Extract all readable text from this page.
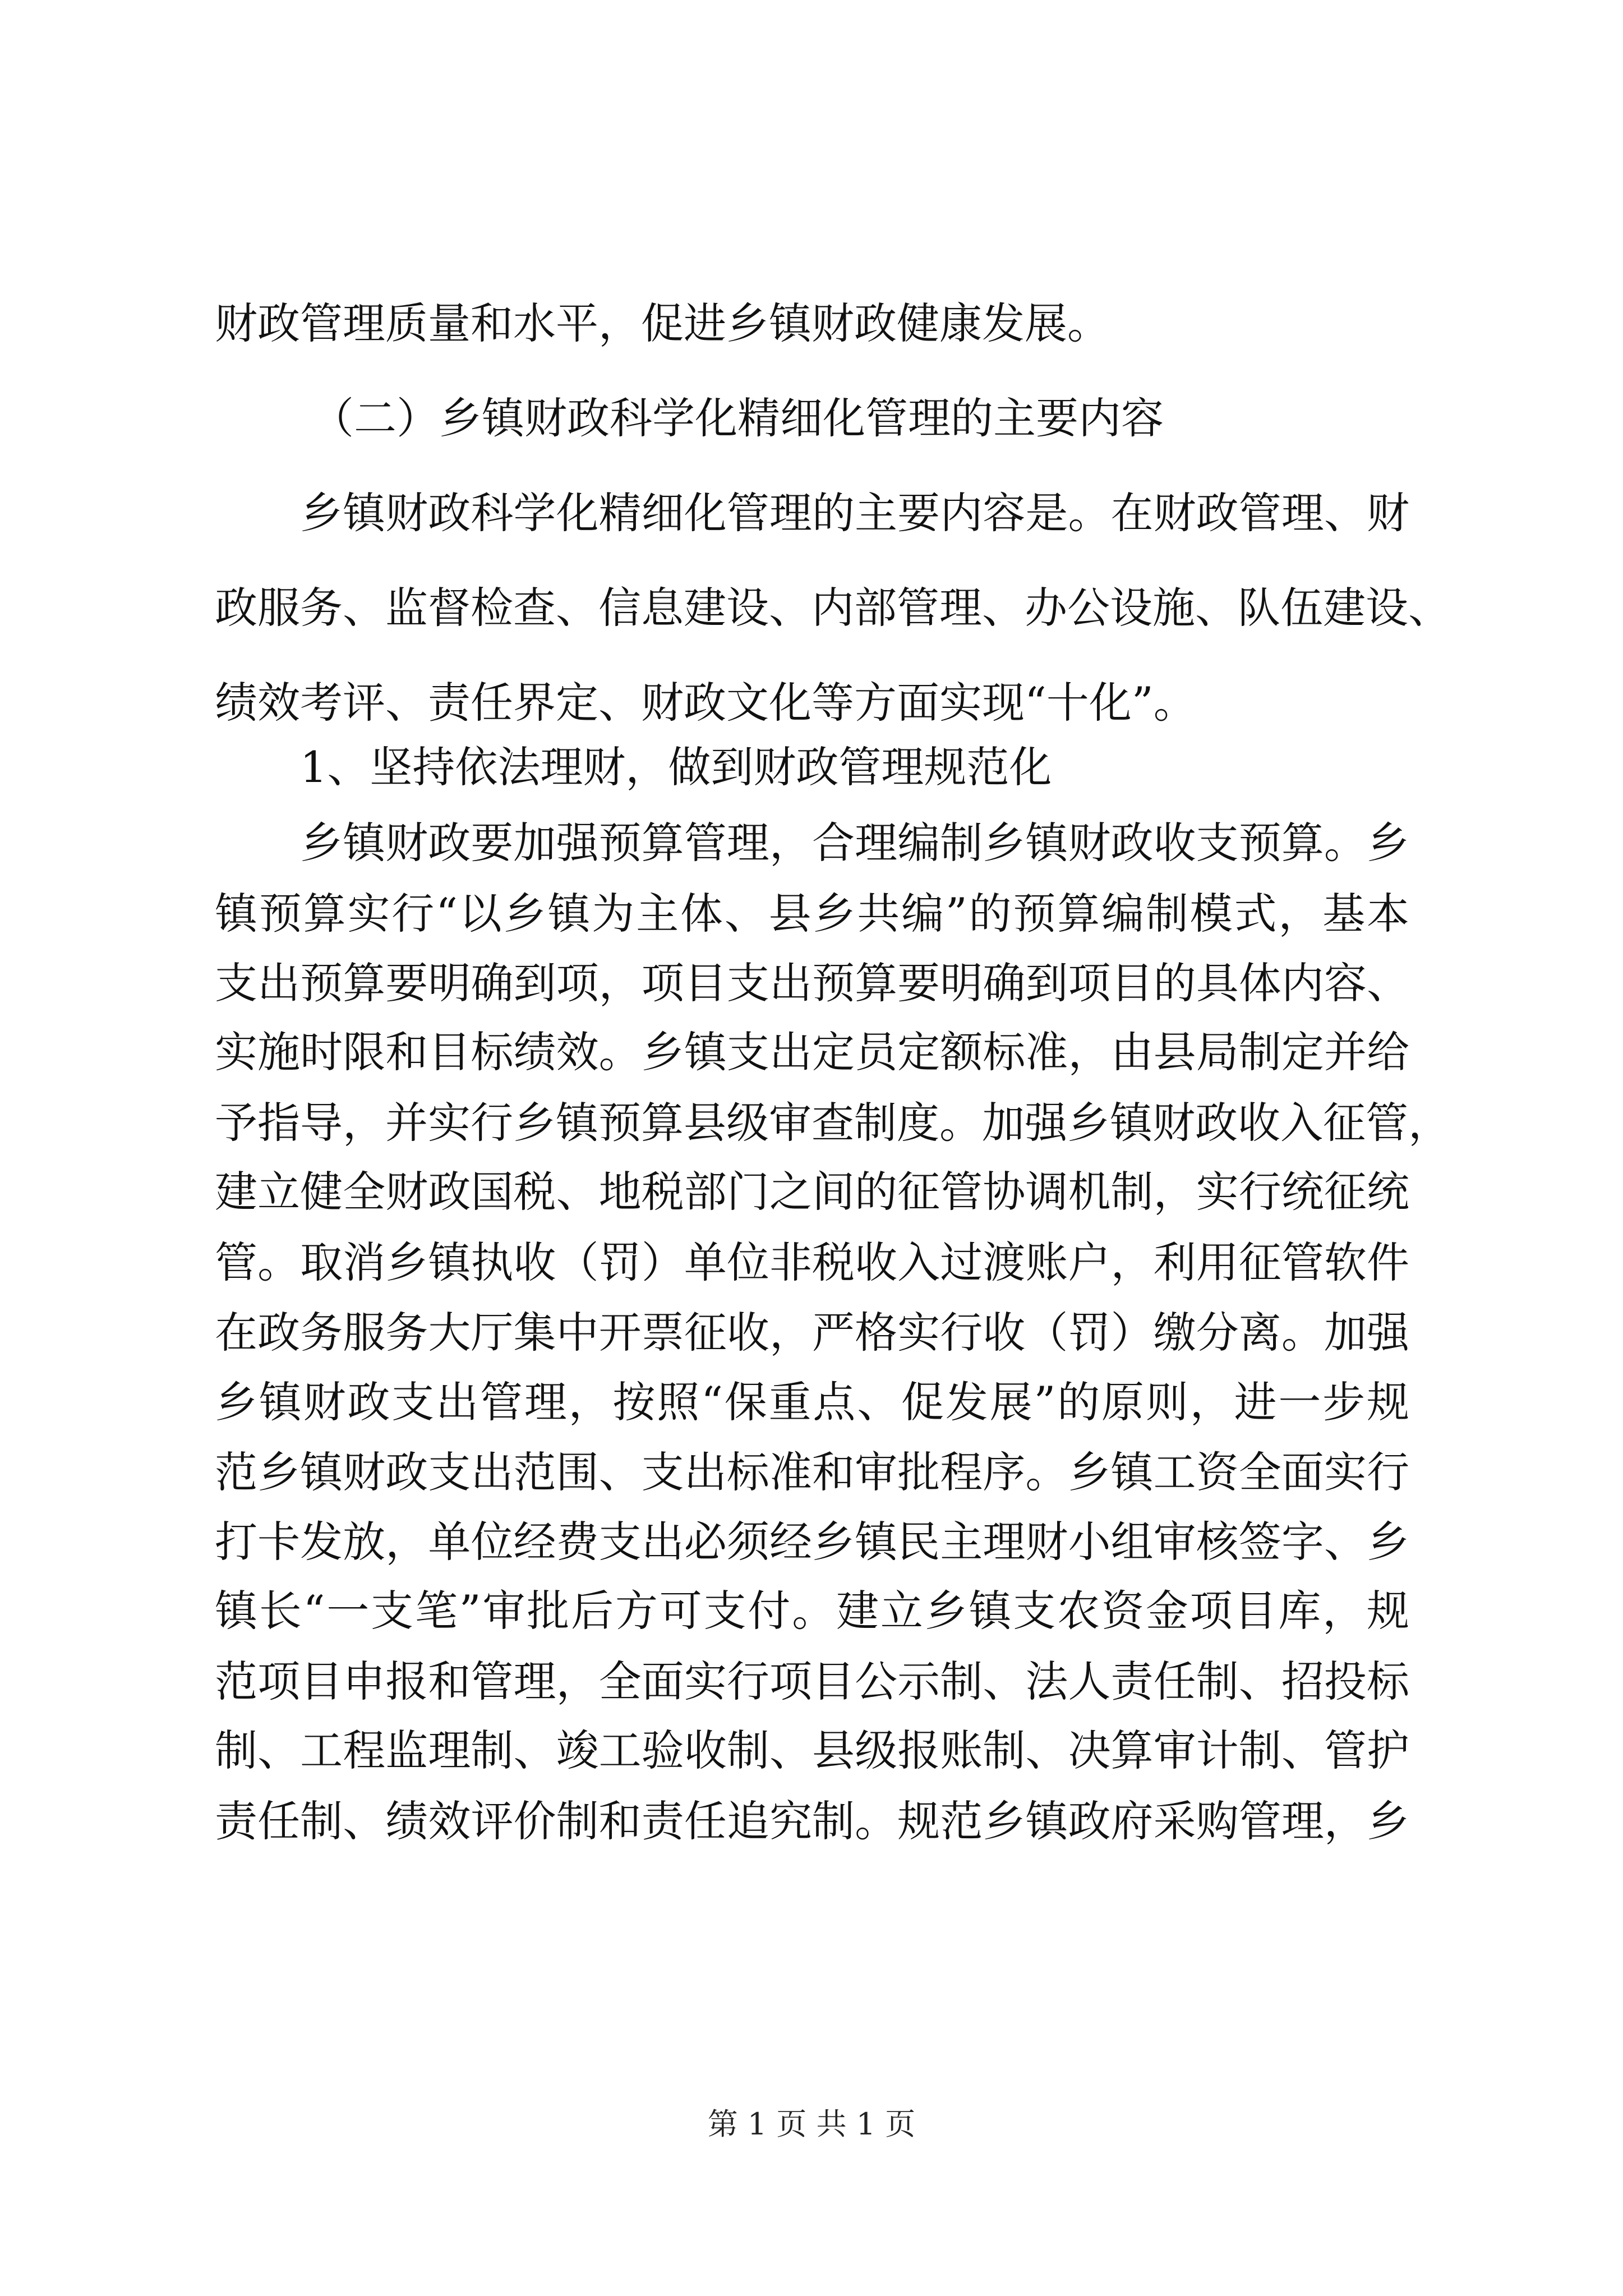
财政管理质量和水平，促进乡镇财政健康发展。
（二）乡镇财政科学化精细化管理的主要内容
乡镇财政科学化精细化管理的主要内容是。在财政管理、财
政服务、监督检查、信息建设、内部管理、办公设施、队伍建设、
绩效考评、责任界定、财政文化等方面实现“十化”。
1、坚持依法理财，做到财政管理规范化
乡镇财政要加强预算管理，合理编制乡镇财政收支预算。乡
镇预算实行“以乡镇为主体、县乡共编”的预算编制模式，基本
支出预算要明确到项，项目支出预算要明确到项目的具体内容、
实施时限和目标绩效。乡镇支出定员定额标准，由县局制定并给
予指导，并实行乡镇预算县级审查制度。加强乡镇财政收入征管，
建立健全财政国税、地税部门之间的征管协调机制，实行统征统
管。取消乡镇执收（罚）单位非税收入过渡账户，利用征管软件
在政务服务大厅集中开票征收，严格实行收（罚）缴分离。加强
乡镇财政支出管理，按照“保重点、促发展”的原则，进一步规
范乡镇财政支出范围、支出标准和审批程序。乡镇工资全面实行
打卡发放，单位经费支出必须经乡镇民主理财小组审核签字、乡
镇长“一支笔”审批后方可支付。建立乡镇支农资金项目库，规
范项目申报和管理，全面实行项目公示制、法人责任制、招投标
制、工程监理制、竣工验收制、县级报账制、决算审计制、管护
责任制、绩效评价制和责任追究制。规范乡镇政府采购管理，乡
第 1 页 共 1 页
